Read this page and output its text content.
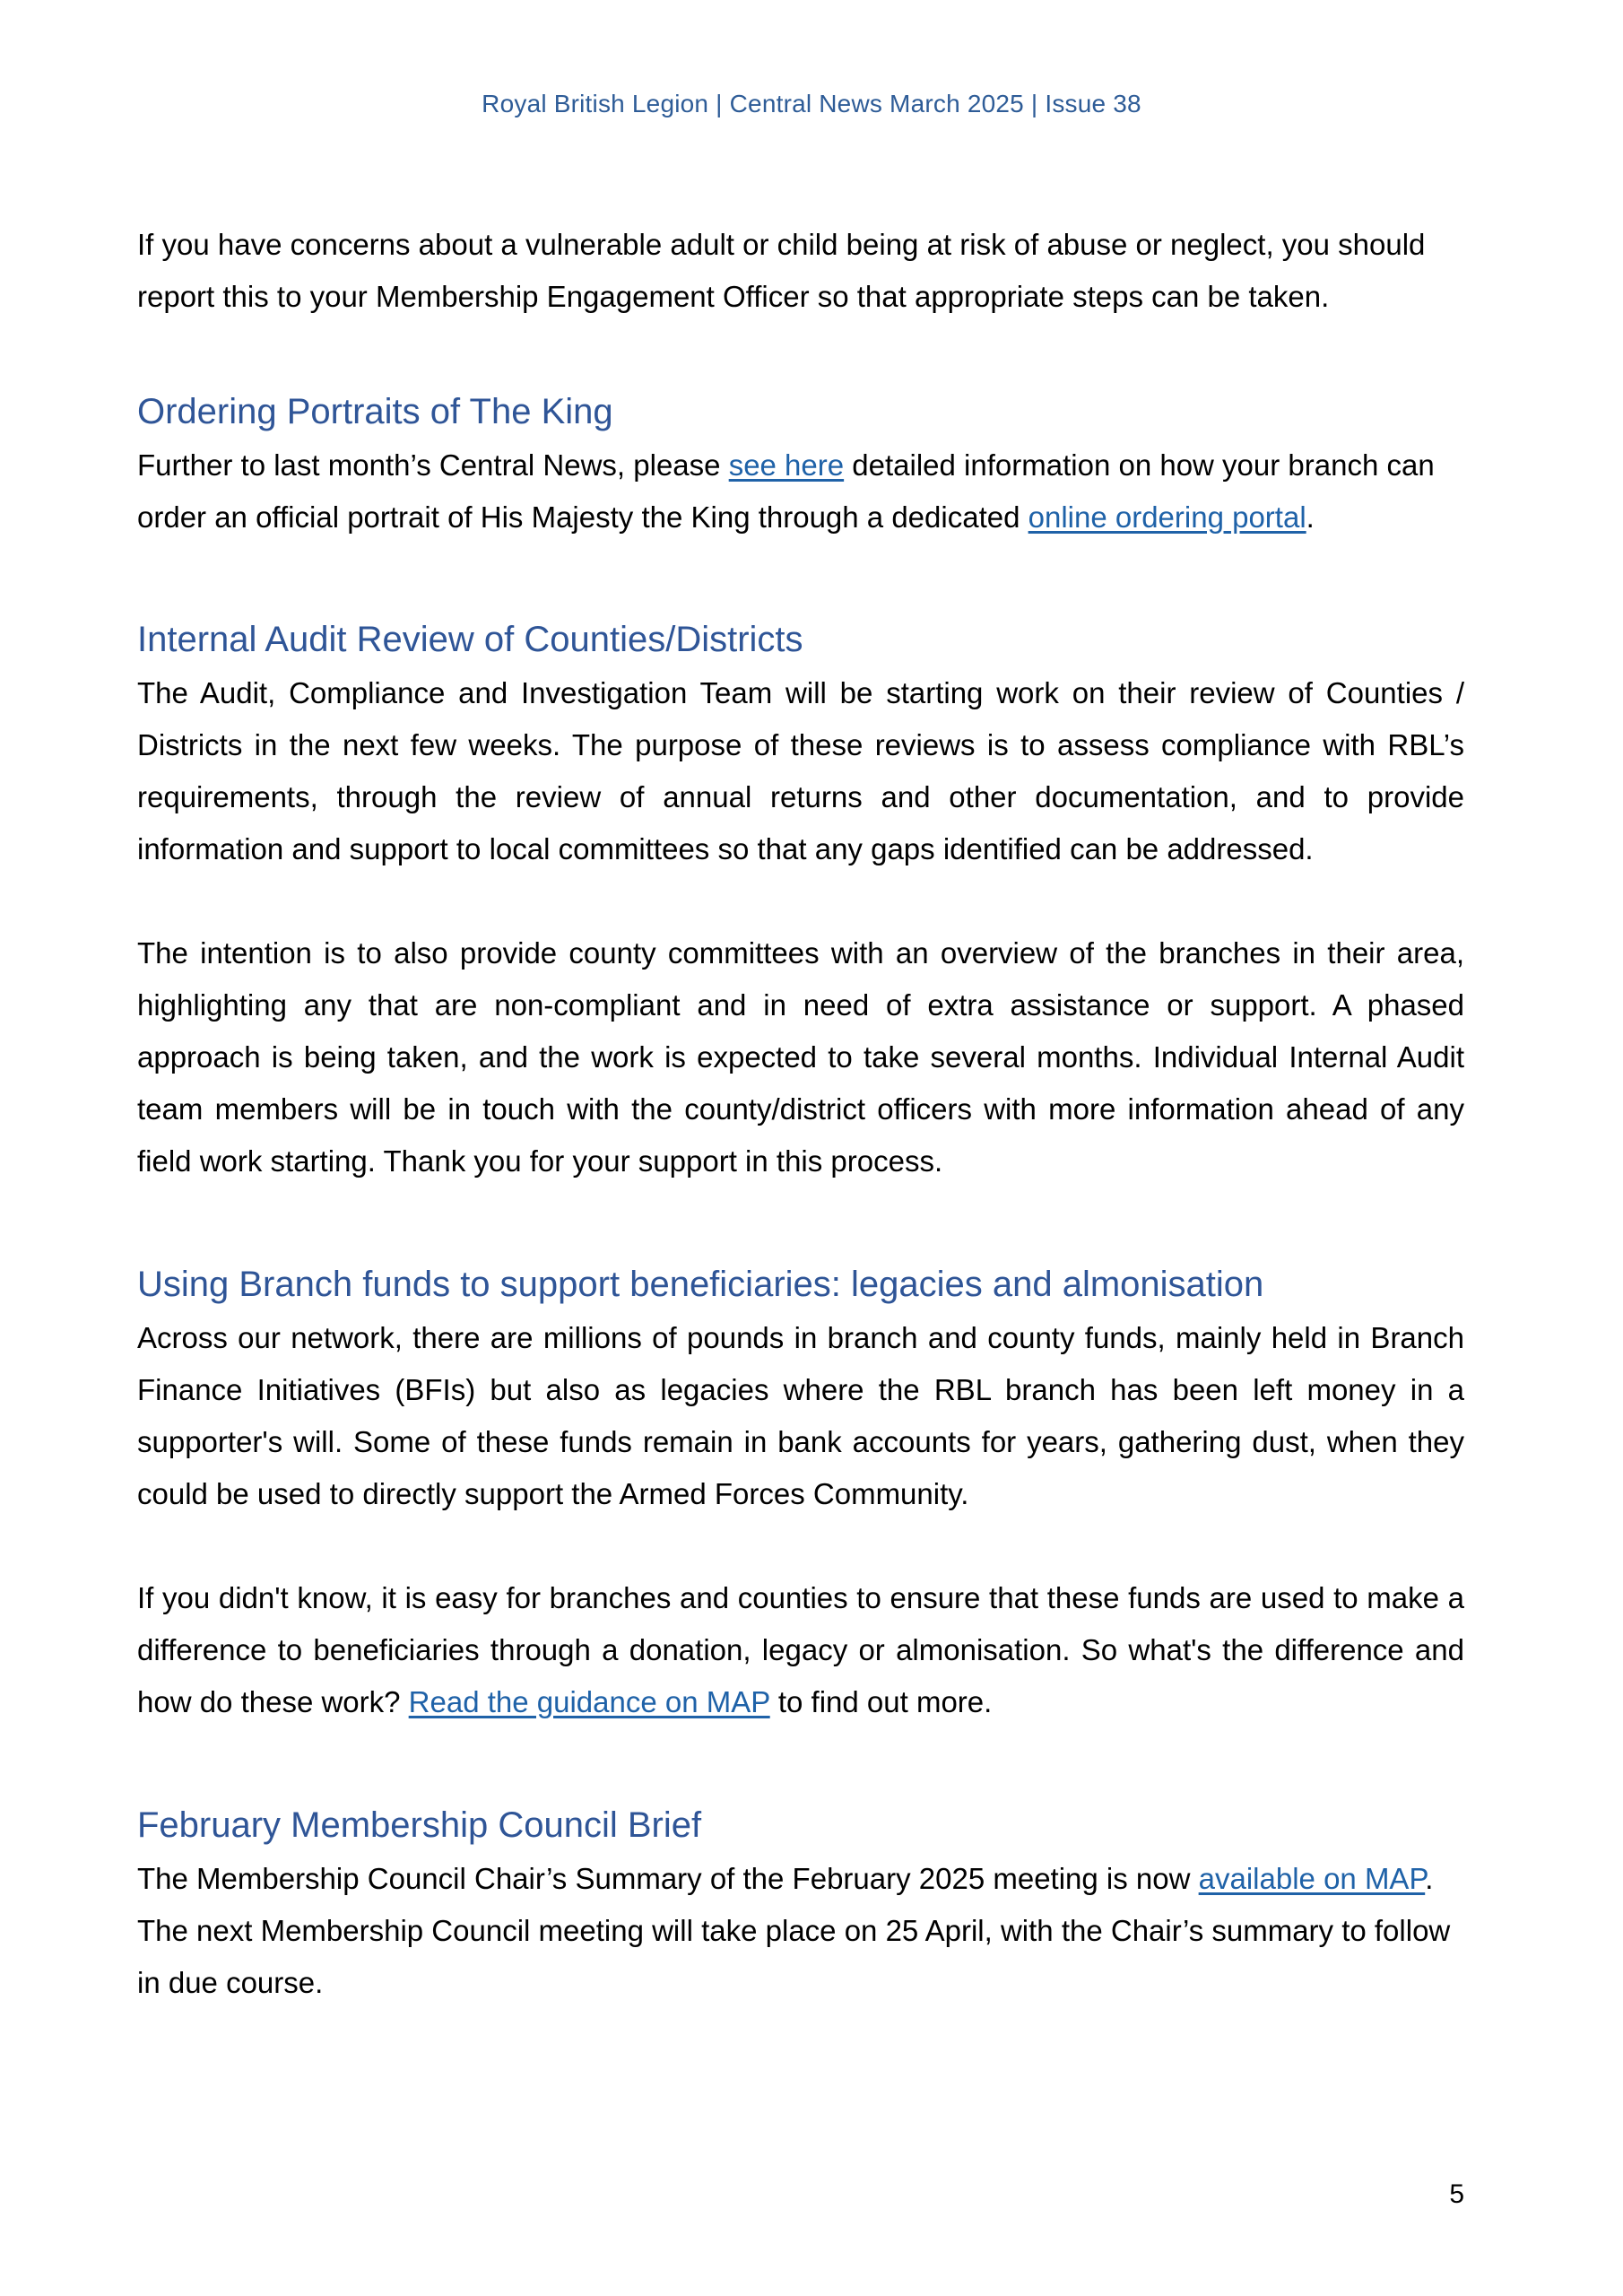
Royal British Legion | Central News March 2025 | Issue 38

If you have concerns about a vulnerable adult or child being at risk of abuse or neglect, you should report this to your Membership Engagement Officer so that appropriate steps can be taken.

Ordering Portraits of The King

Further to last month’s Central News, please see here detailed information on how your branch can order an official portrait of His Majesty the King through a dedicated online ordering portal.

Internal Audit Review of Counties/Districts

The Audit, Compliance and Investigation Team will be starting work on their review of Counties / Districts in the next few weeks. The purpose of these reviews is to assess compliance with RBL’s requirements, through the review of annual returns and other documentation, and to provide information and support to local committees so that any gaps identified can be addressed.

The intention is to also provide county committees with an overview of the branches in their area, highlighting any that are non-compliant and in need of extra assistance or support. A phased approach is being taken, and the work is expected to take several months. Individual Internal Audit team members will be in touch with the county/district officers with more information ahead of any field work starting. Thank you for your support in this process.

Using Branch funds to support beneficiaries: legacies and almonisation

Across our network, there are millions of pounds in branch and county funds, mainly held in Branch Finance Initiatives (BFIs) but also as legacies where the RBL branch has been left money in a supporter's will. Some of these funds remain in bank accounts for years, gathering dust, when they could be used to directly support the Armed Forces Community.

If you didn't know, it is easy for branches and counties to ensure that these funds are used to make a difference to beneficiaries through a donation, legacy or almonisation. So what's the difference and how do these work? Read the guidance on MAP to find out more.

February Membership Council Brief

The Membership Council Chair’s Summary of the February 2025 meeting is now available on MAP. The next Membership Council meeting will take place on 25 April, with the Chair’s summary to follow in due course.

5
